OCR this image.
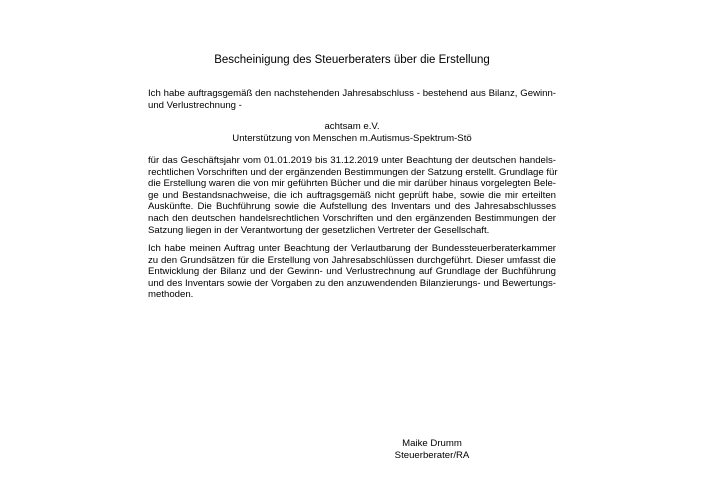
Bescheinigung des Steuerberaters über die Erstellung
Ich habe auftragsgemäß den nachstehenden Jahresabschluss - bestehend aus Bilanz, Gewinn-
und Verlustrechnung -
achtsam e.V.
Unterstützung von Menschen m.Autismus-Spektrum-Stö
für das Geschäftsjahr vom 01.01.2019 bis 31.12.2019 unter Beachtung der deutschen handels-
rechtlichen Vorschriften und der ergänzenden Bestimmungen der Satzung erstellt. Grundlage für
die Erstellung waren die von mir geführten Bücher und die mir darüber hinaus vorgelegten Bele-
ge und Bestandsnachweise, die ich auftragsgemäß nicht geprüft habe, sowie die mir erteilten
Auskünfte. Die Buchführung sowie die Aufstellung des Inventars und des Jahresabschlusses
nach den deutschen handelsrechtlichen Vorschriften und den ergänzenden Bestimmungen der
Satzung liegen in der Verantwortung der gesetzlichen Vertreter der Gesellschaft.
Ich habe meinen Auftrag unter Beachtung der Verlautbarung der Bundessteuerberaterkammer
zu den Grundsätzen für die Erstellung von Jahresabschlüssen durchgeführt. Dieser umfasst die
Entwicklung der Bilanz und der Gewinn- und Verlustrechnung auf Grundlage der Buchführung
und des Inventars sowie der Vorgaben zu den anzuwendenden Bilanzierungs- und Bewertungs-
methoden.
Maike Drumm
Steuerberater/RA
